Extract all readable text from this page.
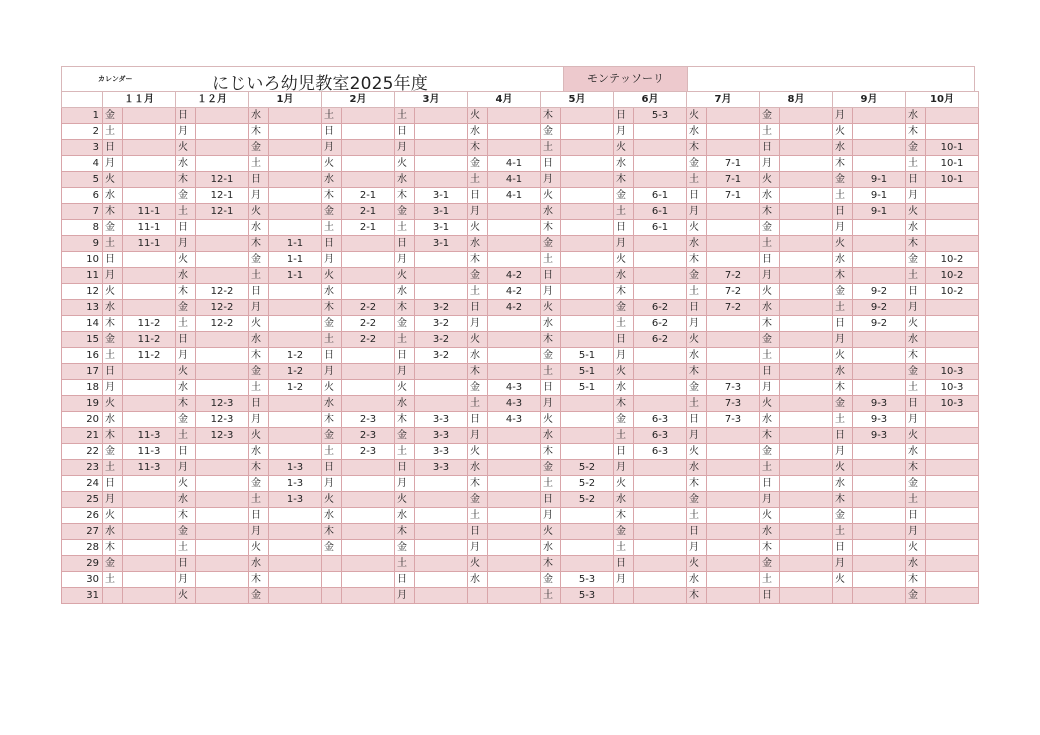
カレンダー	にじいろ幼児教室2025年度	モンテッソーリ
	１１月		１２月		1月		2月		3月		4月		5月		6月		7月		8月		9月		10月	
1	金		日		水		土		土		火		木		日	5-3	火		金		月		水	
2	土		月		木		日		日		水		金		月		水		土		火		木	
3	日		火		金		月		月		木		土		火		木		日		水		金	10-1
4	月		水		土		火		火		金	4-1	日		水		金	7-1	月		木		土	10-1
5	火		木	12-1	日		水		水		土	4-1	月		木		土	7-1	火		金	9-1	日	10-1
6	水		金	12-1	月		木	2-1	木	3-1	日	4-1	火		金	6-1	日	7-1	水		土	9-1	月	
7	木	11-1	土	12-1	火		金	2-1	金	3-1	月		水		土	6-1	月		木		日	9-1	火	
8	金	11-1	日		水		土	2-1	土	3-1	火		木		日	6-1	火		金		月		水	
9	土	11-1	月		木	1-1	日		日	3-1	水		金		月		水		土		火		木	
10	日		火		金	1-1	月		月		木		土		火		木		日		水		金	10-2
11	月		水		土	1-1	火		火		金	4-2	日		水		金	7-2	月		木		土	10-2
12	火		木	12-2	日		水		水		土	4-2	月		木		土	7-2	火		金	9-2	日	10-2
13	水		金	12-2	月		木	2-2	木	3-2	日	4-2	火		金	6-2	日	7-2	水		土	9-2	月	
14	木	11-2	土	12-2	火		金	2-2	金	3-2	月		水		土	6-2	月		木		日	9-2	火	
15	金	11-2	日		水		土	2-2	土	3-2	火		木		日	6-2	火		金		月		水	
16	土	11-2	月		木	1-2	日		日	3-2	水		金	5-1	月		水		土		火		木	
17	日		火		金	1-2	月		月		木		土	5-1	火		木		日		水		金	10-3
18	月		水		土	1-2	火		火		金	4-3	日	5-1	水		金	7-3	月		木		土	10-3
19	火		木	12-3	日		水		水		土	4-3	月		木		土	7-3	火		金	9-3	日	10-3
20	水		金	12-3	月		木	2-3	木	3-3	日	4-3	火		金	6-3	日	7-3	水		土	9-3	月	
21	木	11-3	土	12-3	火		金	2-3	金	3-3	月		水		土	6-3	月		木		日	9-3	火	
22	金	11-3	日		水		土	2-3	土	3-3	火		木		日	6-3	火		金		月		水	
23	土	11-3	月		木	1-3	日		日	3-3	水		金	5-2	月		水		土		火		木	
24	日		火		金	1-3	月		月		木		土	5-2	火		木		日		水		金	
25	月		水		土	1-3	火		火		金		日	5-2	水		金		月		木		土	
26	火		木		日		水		水		土		月		木		土		火		金		日	
27	水		金		月		木		木		日		火		金		日		水		土		月	
28	木		土		火		金		金		月		水		土		月		木		日		火	
29	金		日		水				土		火		木		日		火		金		月		水	
30	土		月		木				日		水		金	5-3	月		水		土		火		木	
31			火		金				月				土	5-3			木		日				金	
